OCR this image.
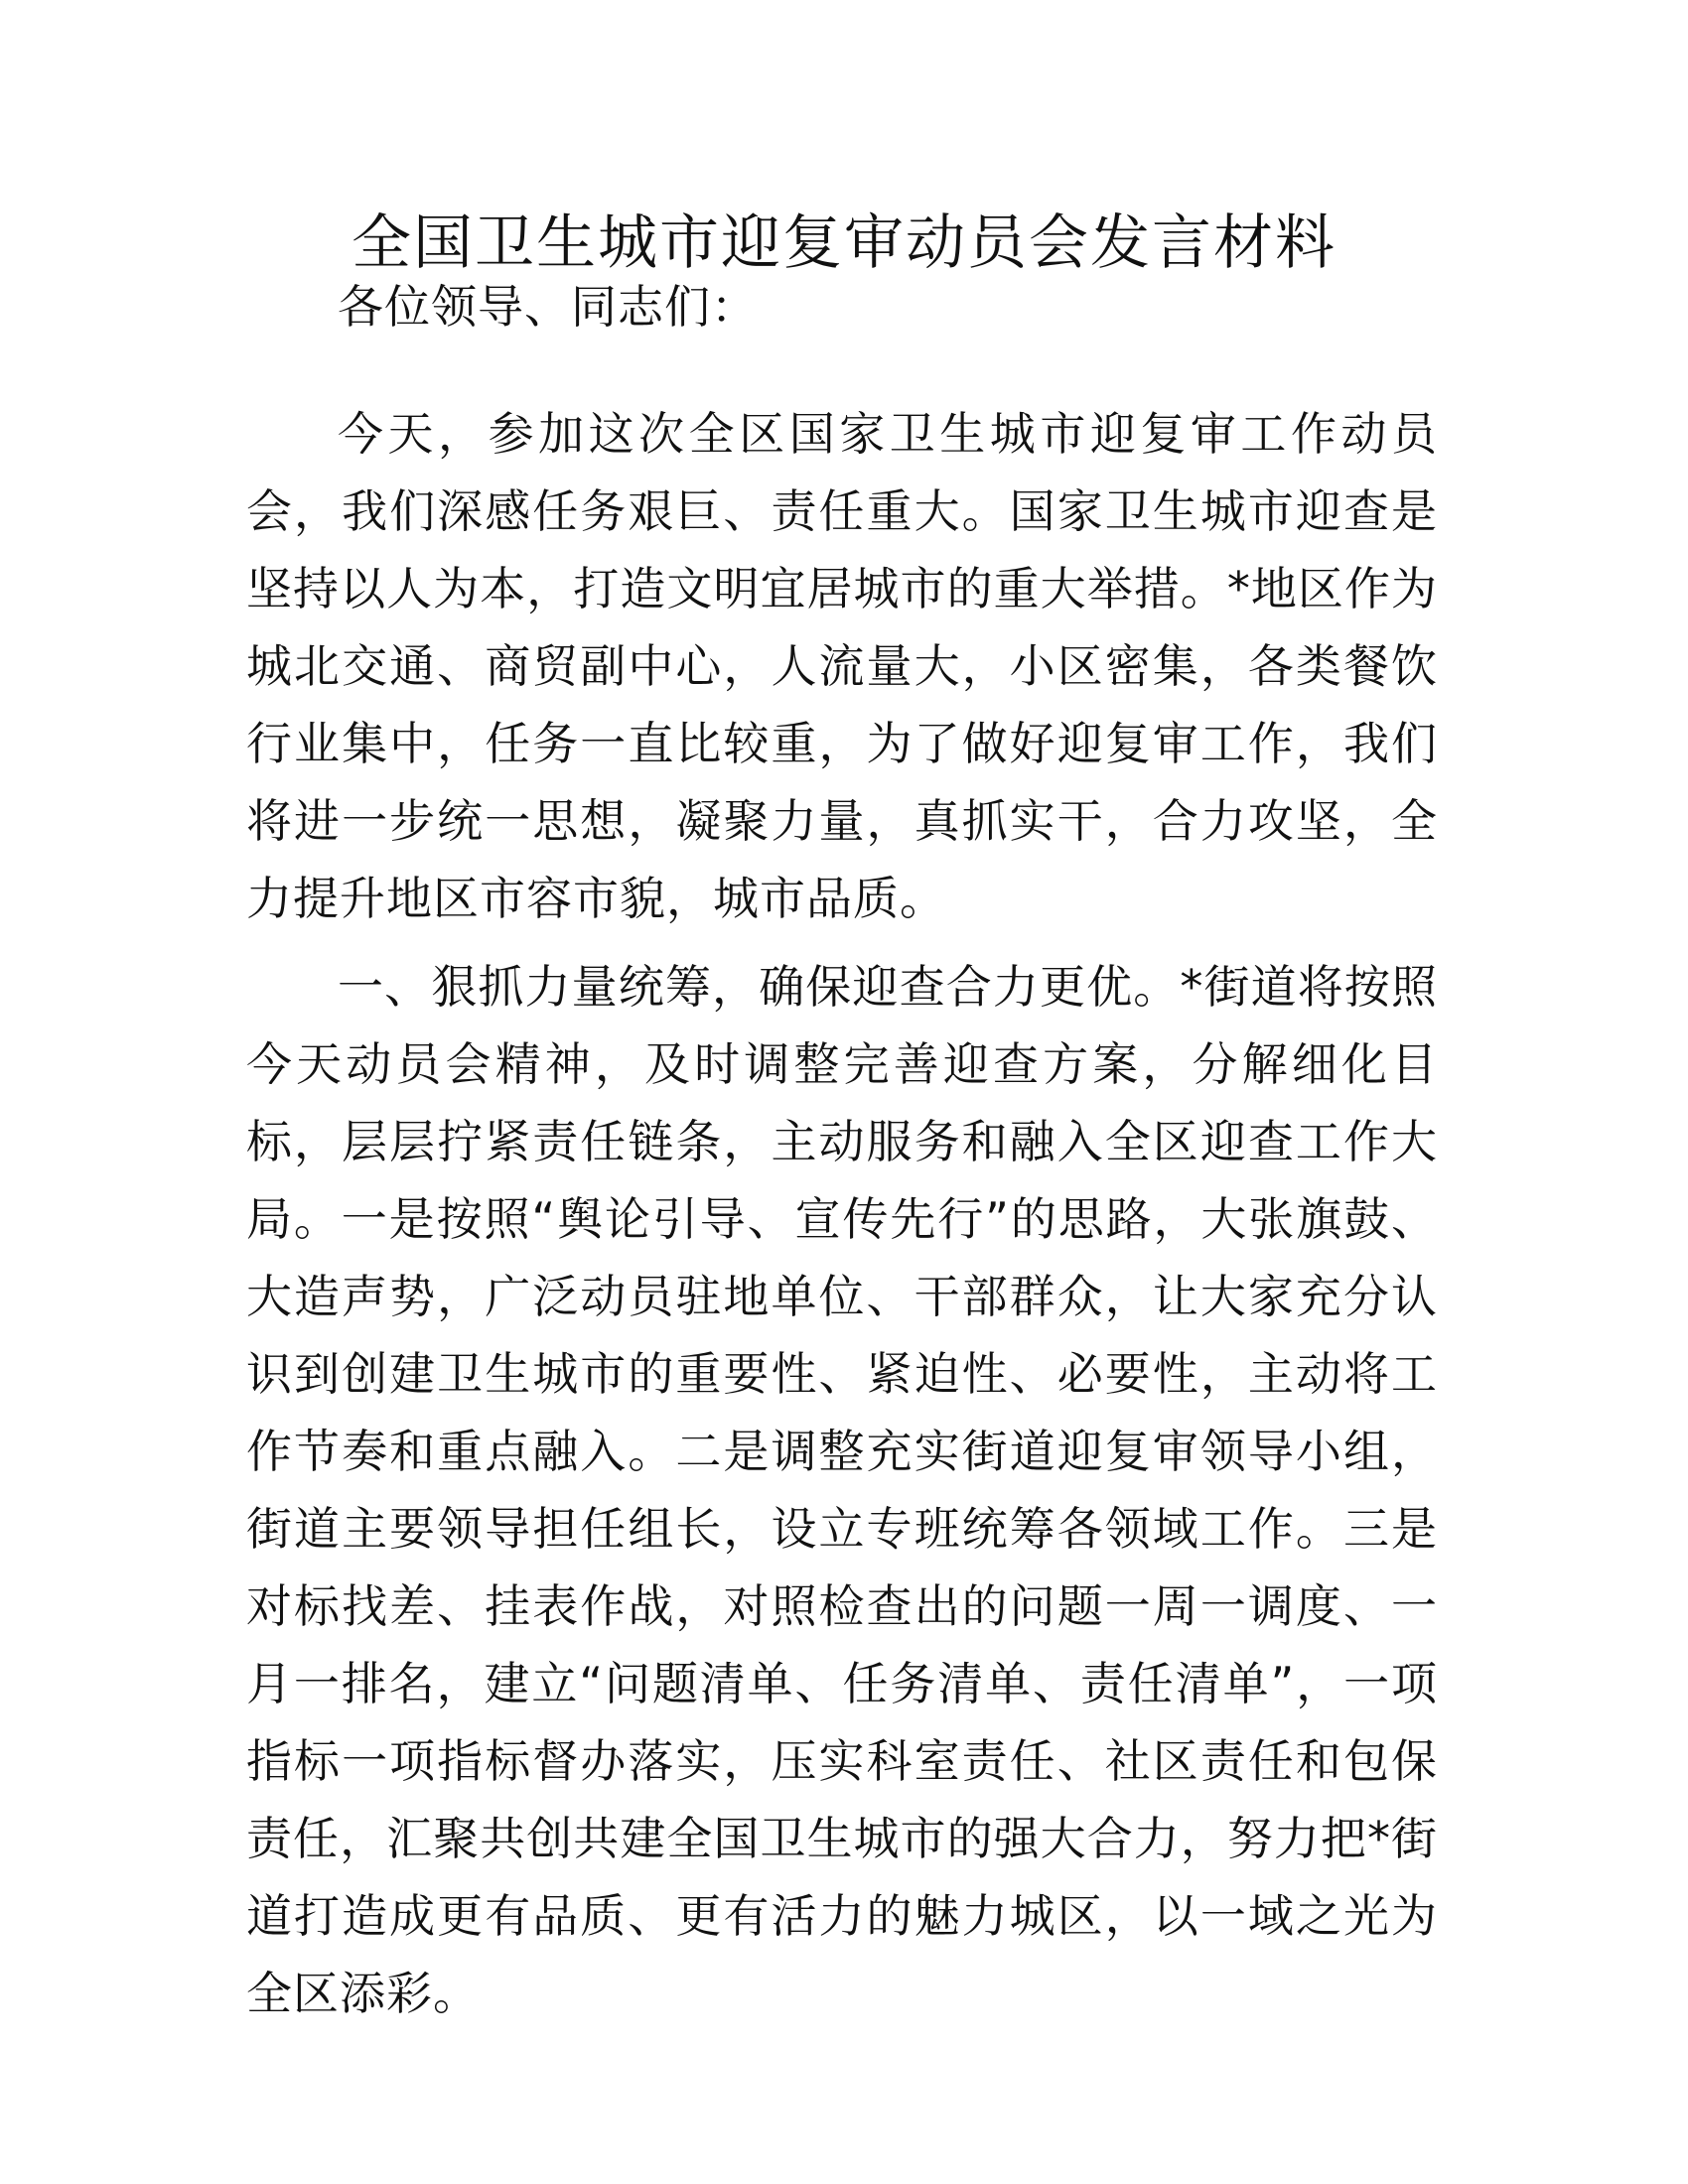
全国卫生城市迎复审动员会发言材料

各位领导、同志们：

今天，参加这次全区国家卫生城市迎复审工作动员会，我们深感任务艰巨、责任重大。国家卫生城市迎查是坚持以人为本，打造文明宜居城市的重大举措。*地区作为城北交通、商贸副中心，人流量大，小区密集，各类餐饮行业集中，任务一直比较重，为了做好迎复审工作，我们将进一步统一思想，凝聚力量，真抓实干，合力攻坚，全力提升地区市容市貌，城市品质。

一、狠抓力量统筹，确保迎查合力更优。*街道将按照今天动员会精神，及时调整完善迎查方案，分解细化目标，层层拧紧责任链条，主动服务和融入全区迎查工作大局。一是按照“舆论引导、宣传先行”的思路，大张旗鼓、大造声势，广泛动员驻地单位、干部群众，让大家充分认识到创建卫生城市的重要性、紧迫性、必要性，主动将工作节奏和重点融入。二是调整充实街道迎复审领导小组，街道主要领导担任组长，设立专班统筹各领域工作。三是对标找差、挂表作战，对照检查出的问题一周一调度、一月一排名，建立“问题清单、任务清单、责任清单”，一项指标一项指标督办落实，压实科室责任、社区责任和包保责任，汇聚共创共建全国卫生城市的强大合力，努力把*街道打造成更有品质、更有活力的魅力城区，以一域之光为全区添彩。
